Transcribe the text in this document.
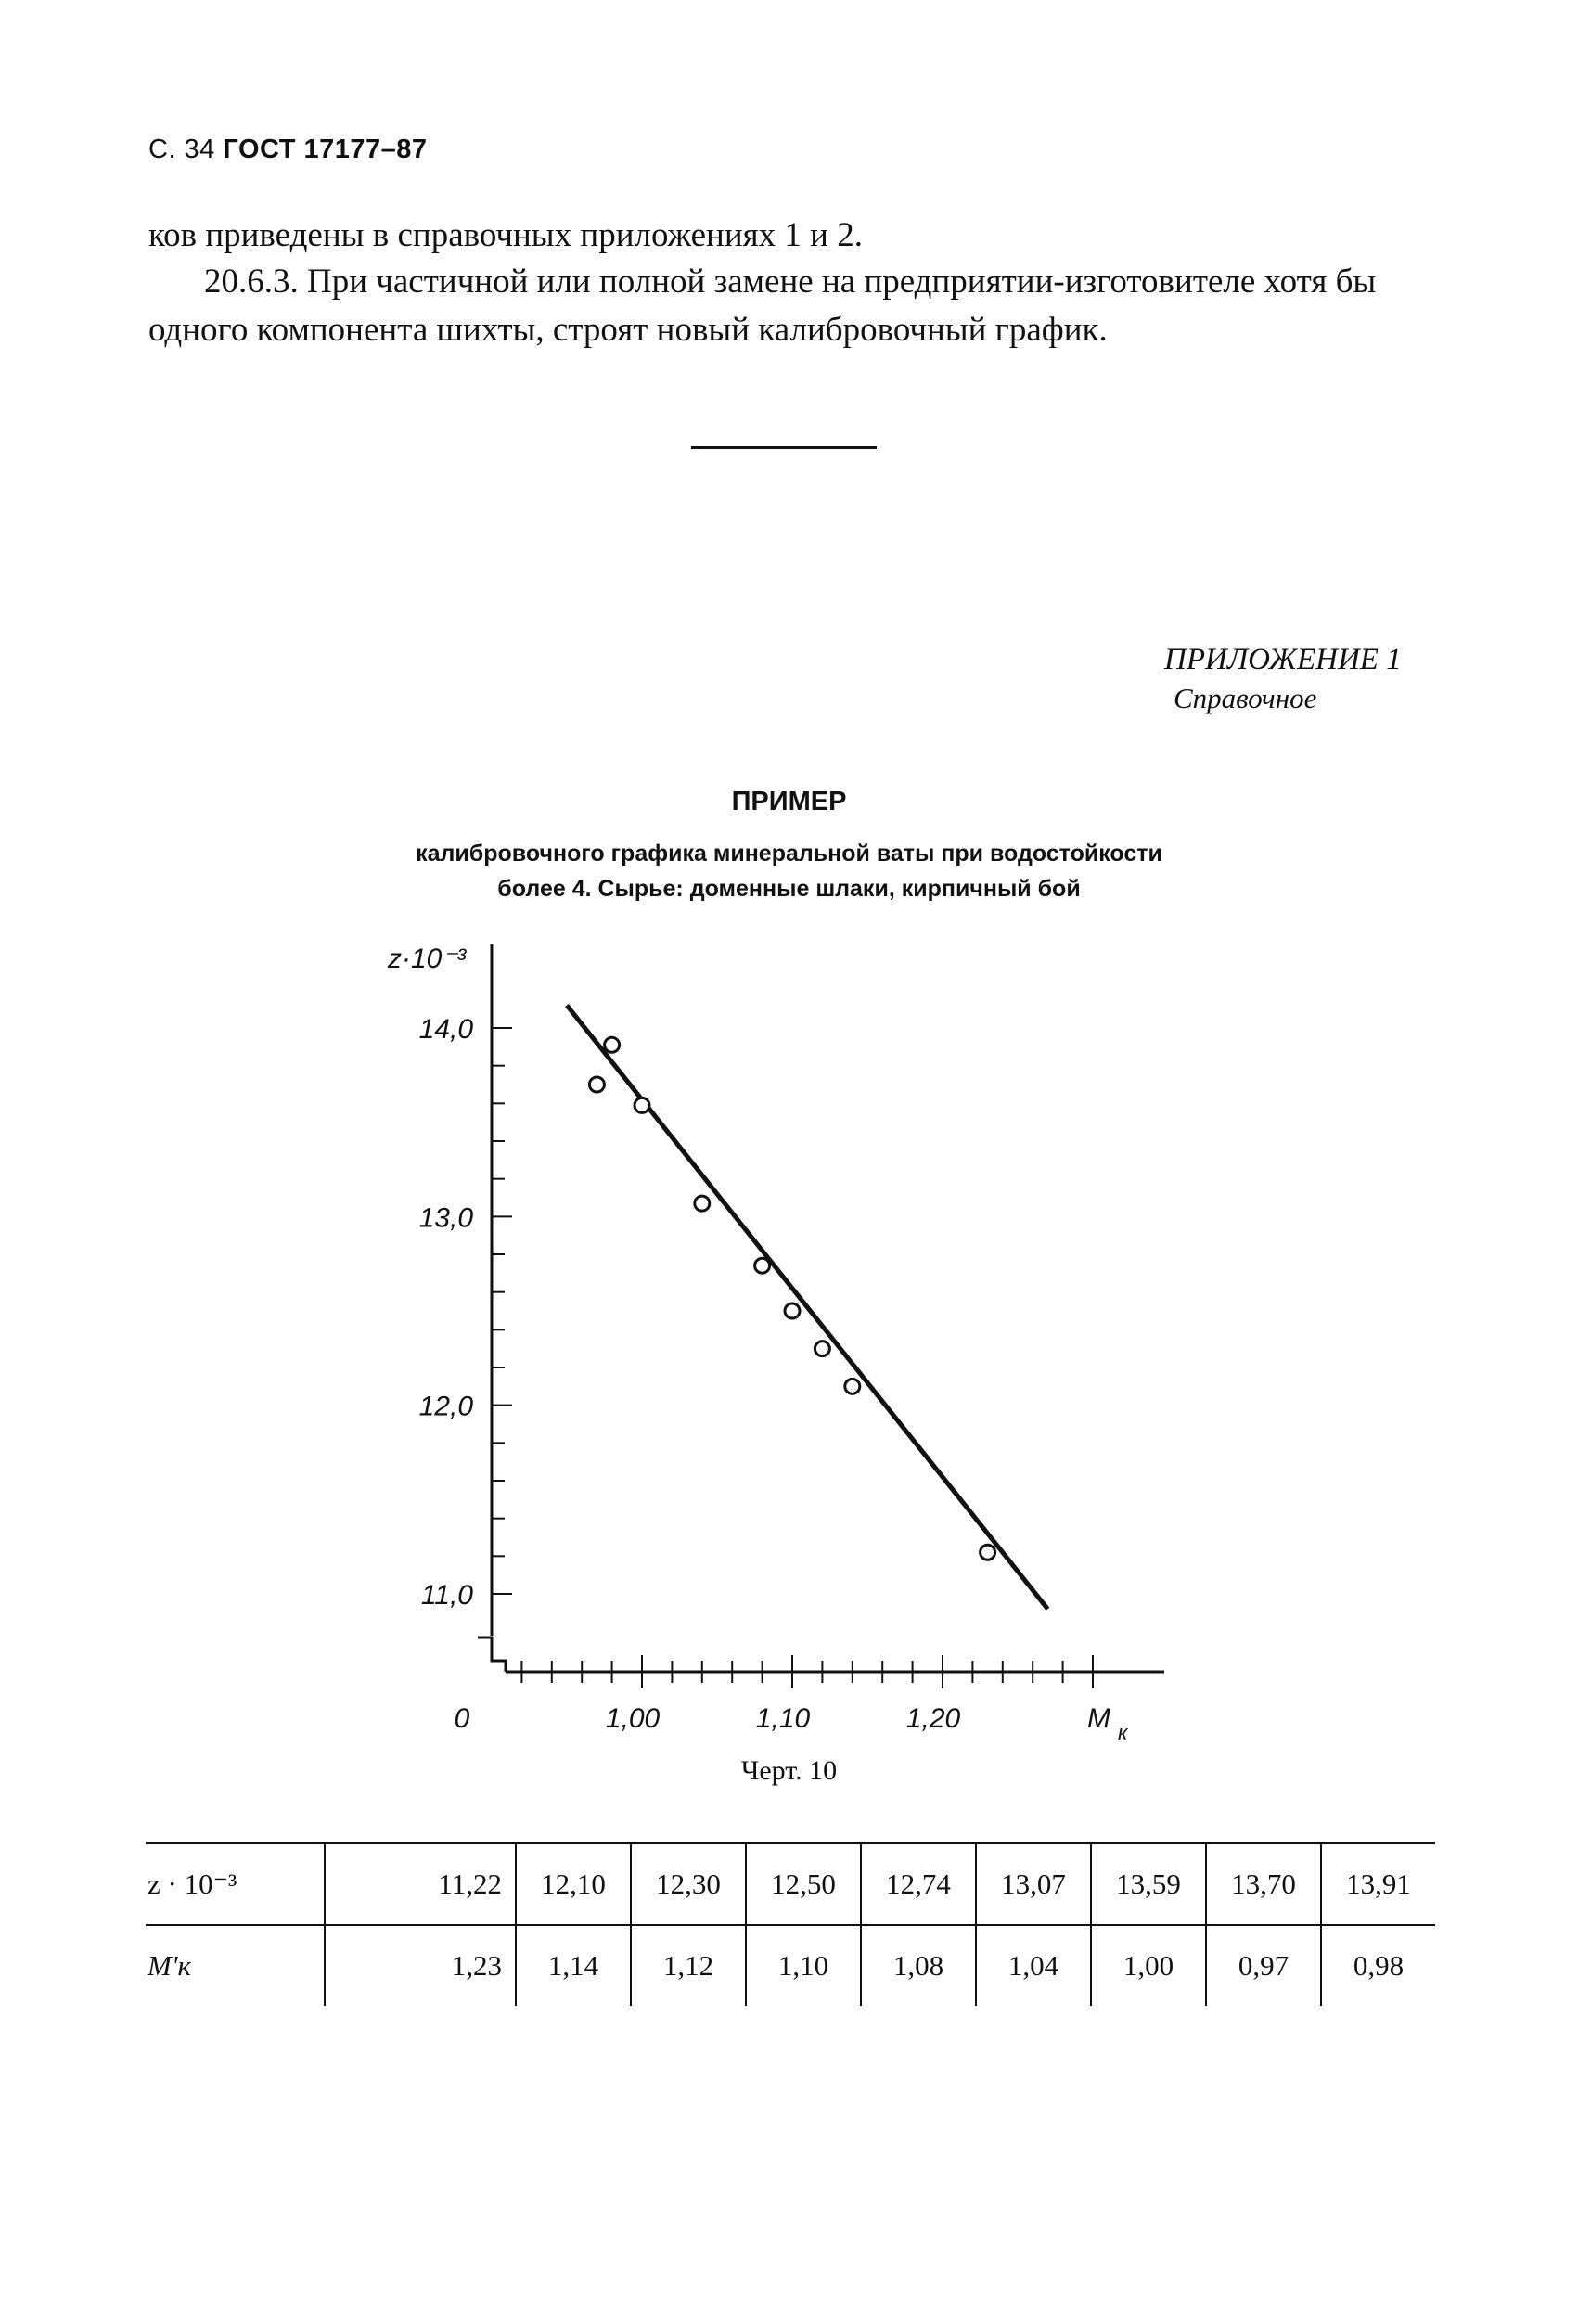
С. 34 ГОСТ 17177–87
ков приведены в справочных приложениях 1 и 2.
20.6.3. При частичной или полной замене на предприятии-изготовителе хотя бы одного компонента шихты, строят новый калибровочный график.
ПРИЛОЖЕНИЕ 1
Справочное
ПРИМЕР
калибровочного графика минеральной ваты при водостойкости
более 4. Сырье: доменные шлаки, кирпичный бой
14,0
13,0
12,0
11,0
1,00	1,10	1,20
0
z·10⁻³
M к
Черт. 10
z · 10⁻³	11,22	12,10	12,30	12,50	12,74	13,07	13,59	13,70	13,91
M'к	1,23	1,14	1,12	1,10	1,08	1,04	1,00	0,97	0,98
